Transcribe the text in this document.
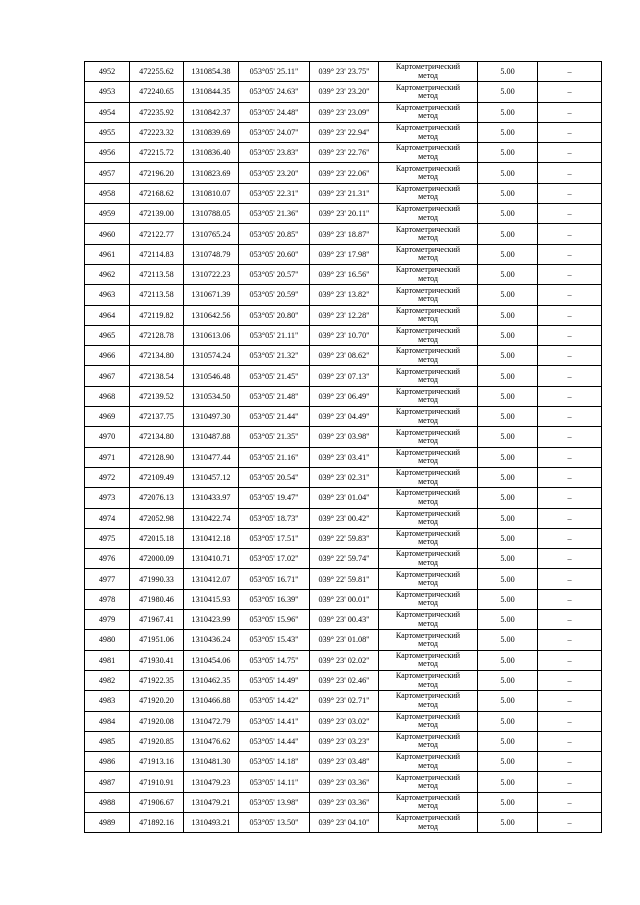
4952	472255.62	1310854.38	053°05' 25.11"	039° 23' 23.75"	Картометрический
метод	5.00	–
4953	472240.65	1310844.35	053°05' 24.63"	039° 23' 23.20"	Картометрический
метод	5.00	–
4954	472235.92	1310842.37	053°05' 24.48"	039° 23' 23.09"	Картометрический
метод	5.00	–
4955	472223.32	1310839.69	053°05' 24.07"	039° 23' 22.94"	Картометрический
метод	5.00	–
4956	472215.72	1310836.40	053°05' 23.83"	039° 23' 22.76"	Картометрический
метод	5.00	–
4957	472196.20	1310823.69	053°05' 23.20"	039° 23' 22.06"	Картометрический
метод	5.00	–
4958	472168.62	1310810.07	053°05' 22.31"	039° 23' 21.31"	Картометрический
метод	5.00	–
4959	472139.00	1310788.05	053°05' 21.36"	039° 23' 20.11"	Картометрический
метод	5.00	–
4960	472122.77	1310765.24	053°05' 20.85"	039° 23' 18.87"	Картометрический
метод	5.00	–
4961	472114.83	1310748.79	053°05' 20.60"	039° 23' 17.98"	Картометрический
метод	5.00	–
4962	472113.58	1310722.23	053°05' 20.57"	039° 23' 16.56"	Картометрический
метод	5.00	–
4963	472113.58	1310671.39	053°05' 20.59"	039° 23' 13.82"	Картометрический
метод	5.00	–
4964	472119.82	1310642.56	053°05' 20.80"	039° 23' 12.28"	Картометрический
метод	5.00	–
4965	472128.78	1310613.06	053°05' 21.11"	039° 23' 10.70"	Картометрический
метод	5.00	–
4966	472134.80	1310574.24	053°05' 21.32"	039° 23' 08.62"	Картометрический
метод	5.00	–
4967	472138.54	1310546.48	053°05' 21.45"	039° 23' 07.13"	Картометрический
метод	5.00	–
4968	472139.52	1310534.50	053°05' 21.48"	039° 23' 06.49"	Картометрический
метод	5.00	–
4969	472137.75	1310497.30	053°05' 21.44"	039° 23' 04.49"	Картометрический
метод	5.00	–
4970	472134.80	1310487.88	053°05' 21.35"	039° 23' 03.98"	Картометрический
метод	5.00	–
4971	472128.90	1310477.44	053°05' 21.16"	039° 23' 03.41"	Картометрический
метод	5.00	–
4972	472109.49	1310457.12	053°05' 20.54"	039° 23' 02.31"	Картометрический
метод	5.00	–
4973	472076.13	1310433.97	053°05' 19.47"	039° 23' 01.04"	Картометрический
метод	5.00	–
4974	472052.98	1310422.74	053°05' 18.73"	039° 23' 00.42"	Картометрический
метод	5.00	–
4975	472015.18	1310412.18	053°05' 17.51"	039° 22' 59.83"	Картометрический
метод	5.00	–
4976	472000.09	1310410.71	053°05' 17.02"	039° 22' 59.74"	Картометрический
метод	5.00	–
4977	471990.33	1310412.07	053°05' 16.71"	039° 22' 59.81"	Картометрический
метод	5.00	–
4978	471980.46	1310415.93	053°05' 16.39"	039° 23' 00.01"	Картометрический
метод	5.00	–
4979	471967.41	1310423.99	053°05' 15.96"	039° 23' 00.43"	Картометрический
метод	5.00	–
4980	471951.06	1310436.24	053°05' 15.43"	039° 23' 01.08"	Картометрический
метод	5.00	–
4981	471930.41	1310454.06	053°05' 14.75"	039° 23' 02.02"	Картометрический
метод	5.00	–
4982	471922.35	1310462.35	053°05' 14.49"	039° 23' 02.46"	Картометрический
метод	5.00	–
4983	471920.20	1310466.88	053°05' 14.42"	039° 23' 02.71"	Картометрический
метод	5.00	–
4984	471920.08	1310472.79	053°05' 14.41"	039° 23' 03.02"	Картометрический
метод	5.00	–
4985	471920.85	1310476.62	053°05' 14.44"	039° 23' 03.23"	Картометрический
метод	5.00	–
4986	471913.16	1310481.30	053°05' 14.18"	039° 23' 03.48"	Картометрический
метод	5.00	–
4987	471910.91	1310479.23	053°05' 14.11"	039° 23' 03.36"	Картометрический
метод	5.00	–
4988	471906.67	1310479.21	053°05' 13.98"	039° 23' 03.36"	Картометрический
метод	5.00	–
4989	471892.16	1310493.21	053°05' 13.50"	039° 23' 04.10"	Картометрический
метод	5.00	–
